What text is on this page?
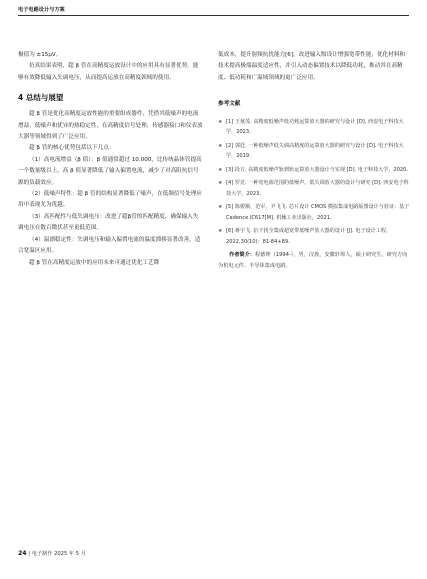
电子电路设计与方案

极值为 ±15μV。

仿真结果表明，超 β 管在高精度运放设计中的应用具有显著优势，能够有效降低输入失调电压，从而提高运放在高精度领域的使用。

4 总结与展望

超 β 管是优化高精度运放性能的重要组成器件，凭借其低噪声的电流增益、低噪声和优异的热稳定性，在高精度信号处理、传感器接口和仪表放大器等领域得到了广泛应用。

超 β 管的核心优势包括以下几点：

（1）高电流增益（β 值）：β 值通常超过 10,000，比传统晶体管提高一个数量级以上，高 β 值显著降低了输入偏置电流，减少了对高阻抗信号源的负载效应。

（2）低噪声特性：超 β 管的结构显著降低了噪声，在低频信号处理应用中表现尤为优越。

（3）高匹配性与低失调电压：改进了超β管的匹配精度，确保输入失调电压在数百微伏甚至更低范围。

（4）温漂稳定性：失调电压和输入偏置电流的温度漂移显著改善，适合宽温区应用。

超 β 管在高精度运放中的应用未来可通过优化工艺降

低成本，提升射频抗扰能力[6]，改进输入级设计增强宽带性能，优化材料和技术提高极端温度适应性，并引入动态偏置技术以降低功耗，推动其在高精度、低功耗和广温域领域的更广泛应用。

参考文献
★ [1] 王童茂. 高精度低噪声低功耗运算放大器的研究与设计 [D]. 西安电子科技大学，2023.
★ [2] 郭廷. 一种低噪声低失调高精度的运算放大器的研究与设计 [D]. 电子科技大学，2019.
★ [3] 段方. 高精度低噪声轨到轨运算放大器设计与实现 [D]. 电子科技大学，2020.
★ [4] 罗竞. 一种宽电源范围的低噪声、低失调放大器的设计与研究 [D]. 西安电子科技大学，2023.
★ [5] 陈骏顺，范军，尹飞飞. 芯片设计 CMOS 模拟集成电路版图设计与验证：基于 Cadence IC617[M]. 机械工业出版社，2021.
★ [6] 蒋宇飞. 抗干扰全集成超宽带低噪声放大器的设计 [J]. 电子设计工程，2022,30(10)：81-84+89.
作者简介：程德坤（1994-），男，汉族，安徽轩埠人，硕士研究生，研究方向为机电元件、半导体集成电路。
24 | 电子制作 2025 年 5 月
